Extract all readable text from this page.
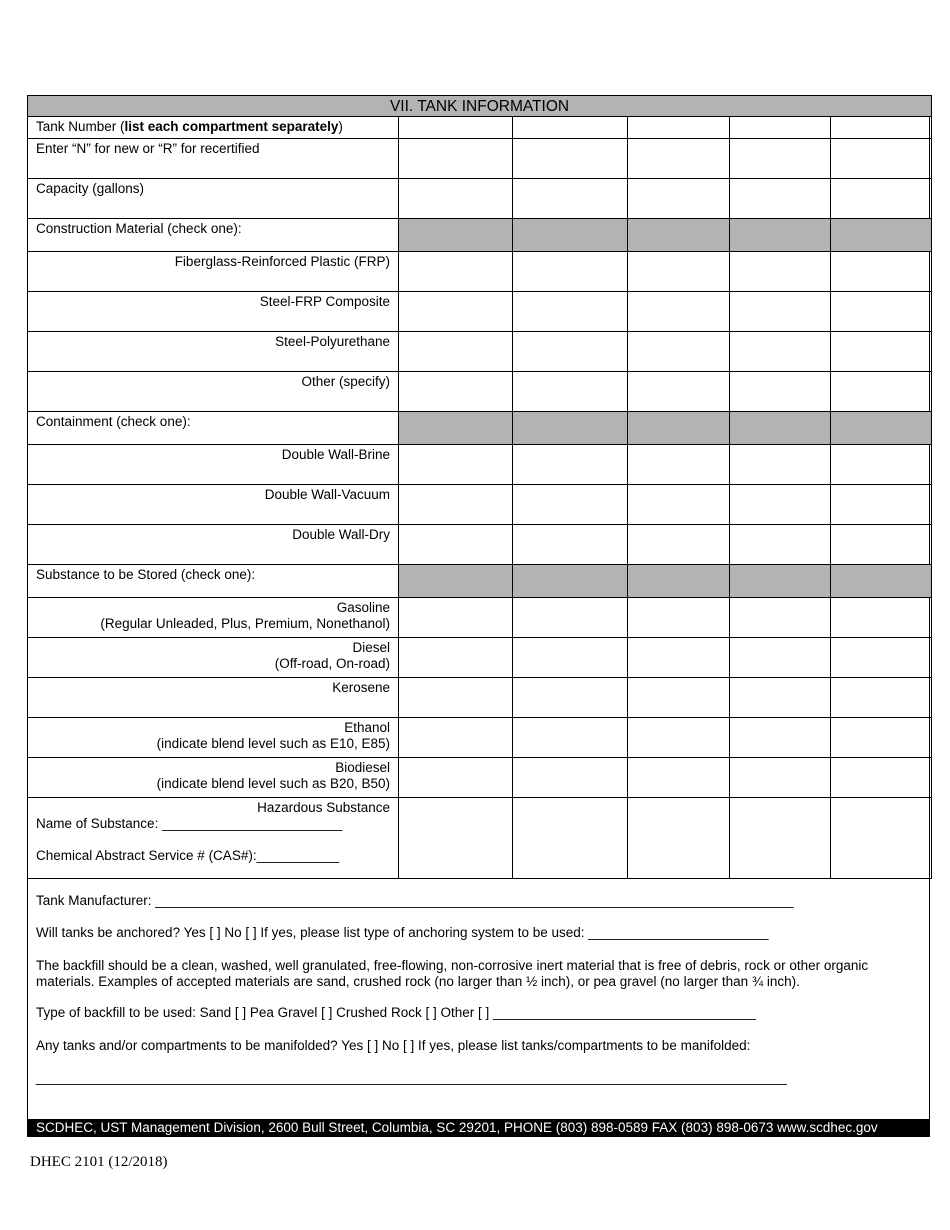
VII. TANK INFORMATION					

Tank Number (list each compartment separately)					

Enter “N” for new or “R” for recertified					

Capacity (gallons)					

Construction Material (check one):					

Fiberglass-Reinforced Plastic (FRP)					

Steel-FRP Composite					

Steel-Polyurethane					

Other (specify)					

Containment (check one):					

Double Wall-Brine					

Double Wall-Vacuum					

Double Wall-Dry					

Substance to be Stored (check one):					

Gasoline
(Regular Unleaded, Plus, Premium, Nonethanol)					

Diesel
(Off-road, On-road)					

Kerosene					

Ethanol
(indicate blend level such as E10, E85)					

Biodiesel
(indicate blend level such as B20, B50)					

Hazardous Substance
Name of Substance: ________________________
Chemical Abstract Service # (CAS#):___________					

Tank Manufacturer: _____________________________________________________________________________________
Will tanks be anchored? Yes [ ] No [ ] If yes, please list type of anchoring system to be used: ________________________
The backfill should be a clean, washed, well granulated, free-flowing, non-corrosive inert material that is free of debris, rock or other organic materials. Examples of accepted materials are sand, crushed rock (no larger than ½ inch), or pea gravel (no larger than ¾ inch).
Type of backfill to be used: Sand [ ] Pea Gravel [ ] Crushed Rock [ ] Other [ ] ___________________________________
Any tanks and/or compartments to be manifolded? Yes [ ] No [ ] If yes, please list tanks/compartments to be manifolded:
____________________________________________________________________________________________________
SCDHEC, UST Management Division, 2600 Bull Street, Columbia, SC 29201, PHONE (803) 898-0589 FAX (803) 898-0673 www.scdhec.gov
DHEC 2101 (12/2018)
